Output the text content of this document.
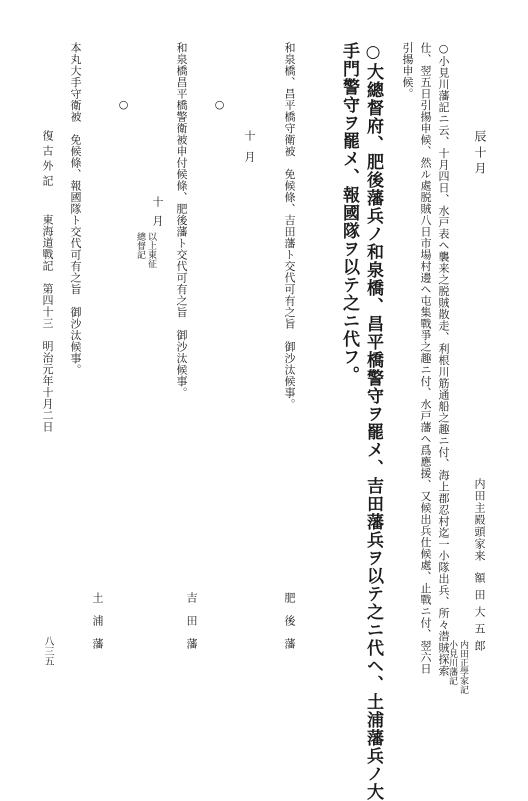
辰十月
内田主殿頭家来
額田大五郎
内田正學家記
小見川藩記
○小見川藩記ニ云、十月四日、水戸表ヘ襲来之脱賊散走、利根川筋通船之趣ニ付、海上郡忍村迄一小隊出兵、所々潜賊探索
仕、翌五日引揚申候、然ル處脱賊八日市場村邊ヘ屯集戰爭之趣ニ付、水戸藩ヘ爲應援、又候出兵仕候處、止戰ニ付、翌六日
引揚申候。
○大總督府、肥後藩兵ノ和泉橋、昌平橋警守ヲ罷メ、吉田藩兵ヲ以テ之ニ代ヘ、土浦藩兵ノ大
手門警守ヲ罷メ、報國隊ヲ以テ之ニ代フ。
和泉橋、昌平橋守衛被　免候條、吉田藩ト交代可有之旨　御沙汰候事。
肥後藩
十月
○
吉田藩
和泉橋昌平橋警衛被申付候條、肥後藩ト交代可有之旨　御沙汰候事。
十月
以上東征
總督記
○
土浦藩
本丸大手守衛被　免候條、報國隊ト交代可有之旨　御沙汰候事。
復古外記
東海道戰記　第四十三　明治元年十月二日
八三五
